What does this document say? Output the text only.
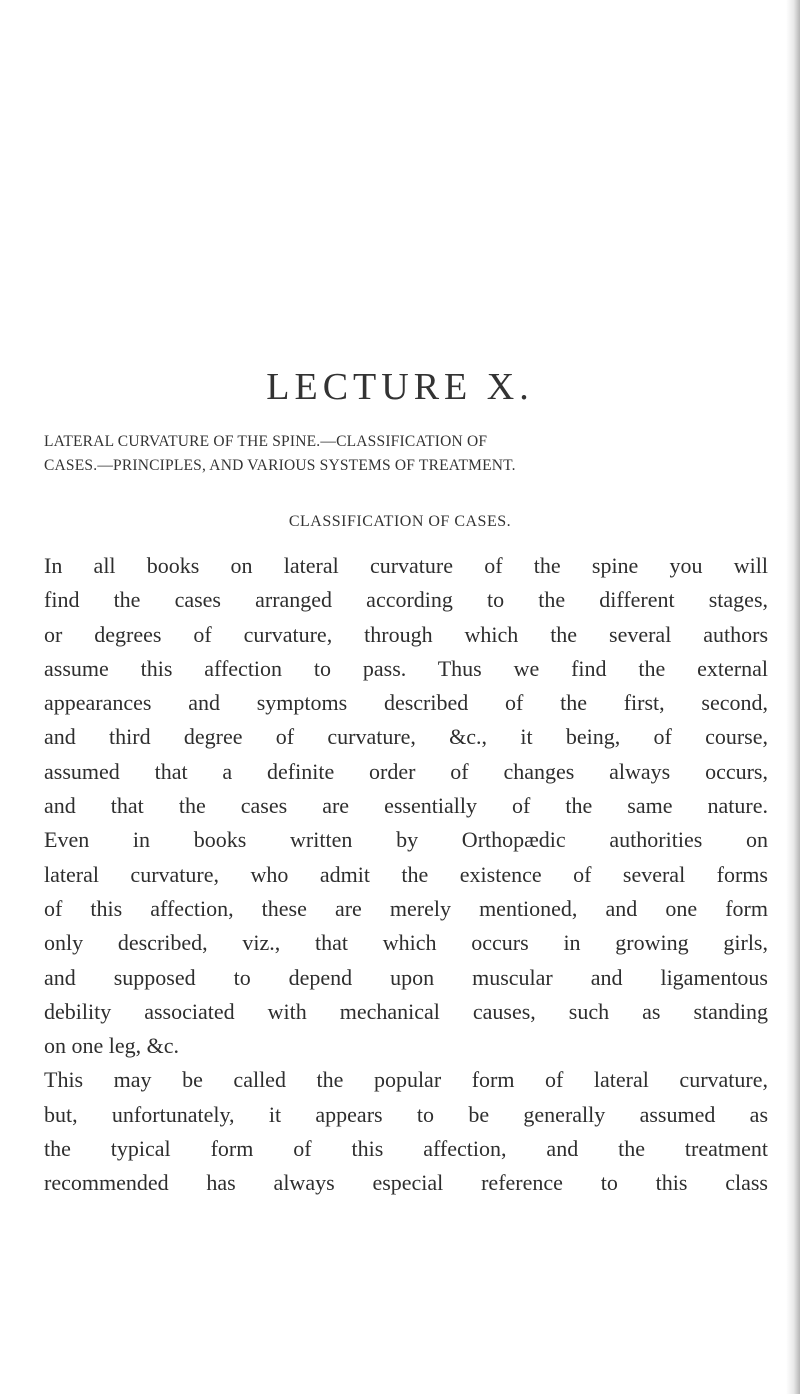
LECTURE X.
LATERAL CURVATURE OF THE SPINE.—CLASSIFICATION OF
CASES.—PRINCIPLES, AND VARIOUS SYSTEMS OF TREATMENT.
CLASSIFICATION OF CASES.
In all books on lateral curvature of the spine you will
find the cases arranged according to the different stages,
or degrees of curvature, through which the several authors
assume this affection to pass. Thus we find the external
appearances and symptoms described of the first, second,
and third degree of curvature, &c., it being, of course,
assumed that a definite order of changes always occurs,
and that the cases are essentially of the same nature.
Even in books written by Orthopædic authorities on
lateral curvature, who admit the existence of several forms
of this affection, these are merely mentioned, and one form
only described, viz., that which occurs in growing girls,
and supposed to depend upon muscular and ligamentous
debility associated with mechanical causes, such as standing
on one leg, &c.
This may be called the popular form of lateral curvature,
but, unfortunately, it appears to be generally assumed as
the typical form of this affection, and the treatment
recommended has always especial reference to this class
